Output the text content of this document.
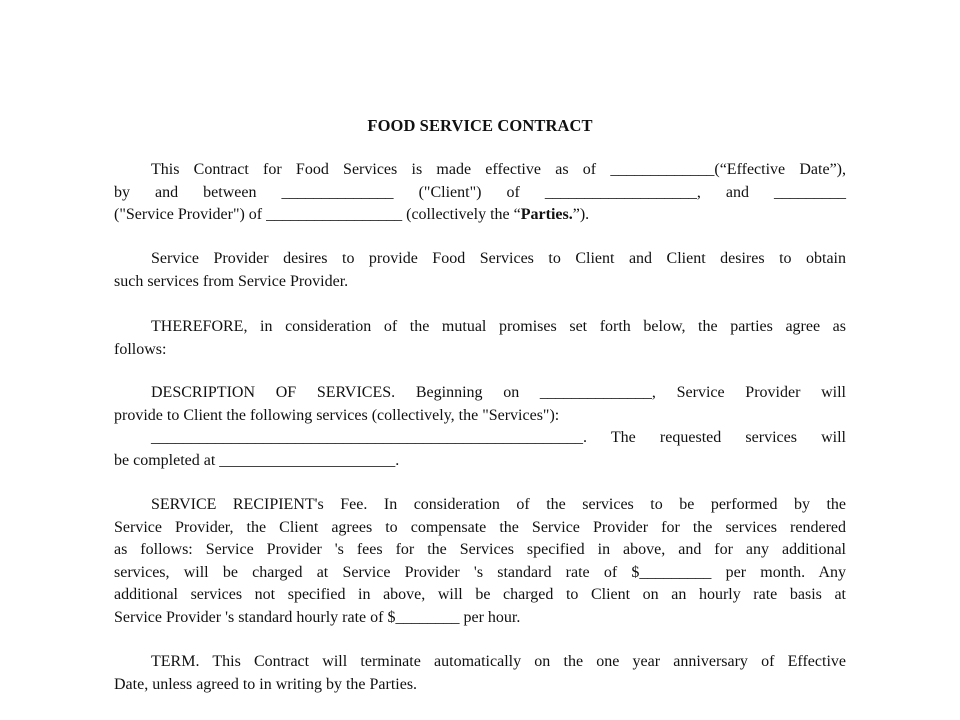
FOOD SERVICE CONTRACT
This Contract for Food Services is made effective as of _____________(“Effective Date”),
by and between ______________ ("Client") of ___________________, and _________
("Service Provider") of _________________ (collectively the “Parties.”).
Service Provider desires to provide Food Services to Client and Client desires to obtain
such services from Service Provider.
THEREFORE, in consideration of the mutual promises set forth below, the parties agree as
follows:
DESCRIPTION OF SERVICES. Beginning on ______________, Service Provider will
provide to Client the following services (collectively, the "Services"):
______________________________________________________. The requested services will
be completed at ______________________.
SERVICE RECIPIENT's Fee. In consideration of the services to be performed by the
Service Provider, the Client agrees to compensate the Service Provider for the services rendered
as follows: Service Provider 's fees for the Services specified in above, and for any additional
services, will be charged at Service Provider 's standard rate of $_________ per month. Any
additional services not specified in above, will be charged to Client on an hourly rate basis at
Service Provider 's standard hourly rate of $________ per hour.
TERM. This Contract will terminate automatically on the one year anniversary of Effective
Date, unless agreed to in writing by the Parties.
